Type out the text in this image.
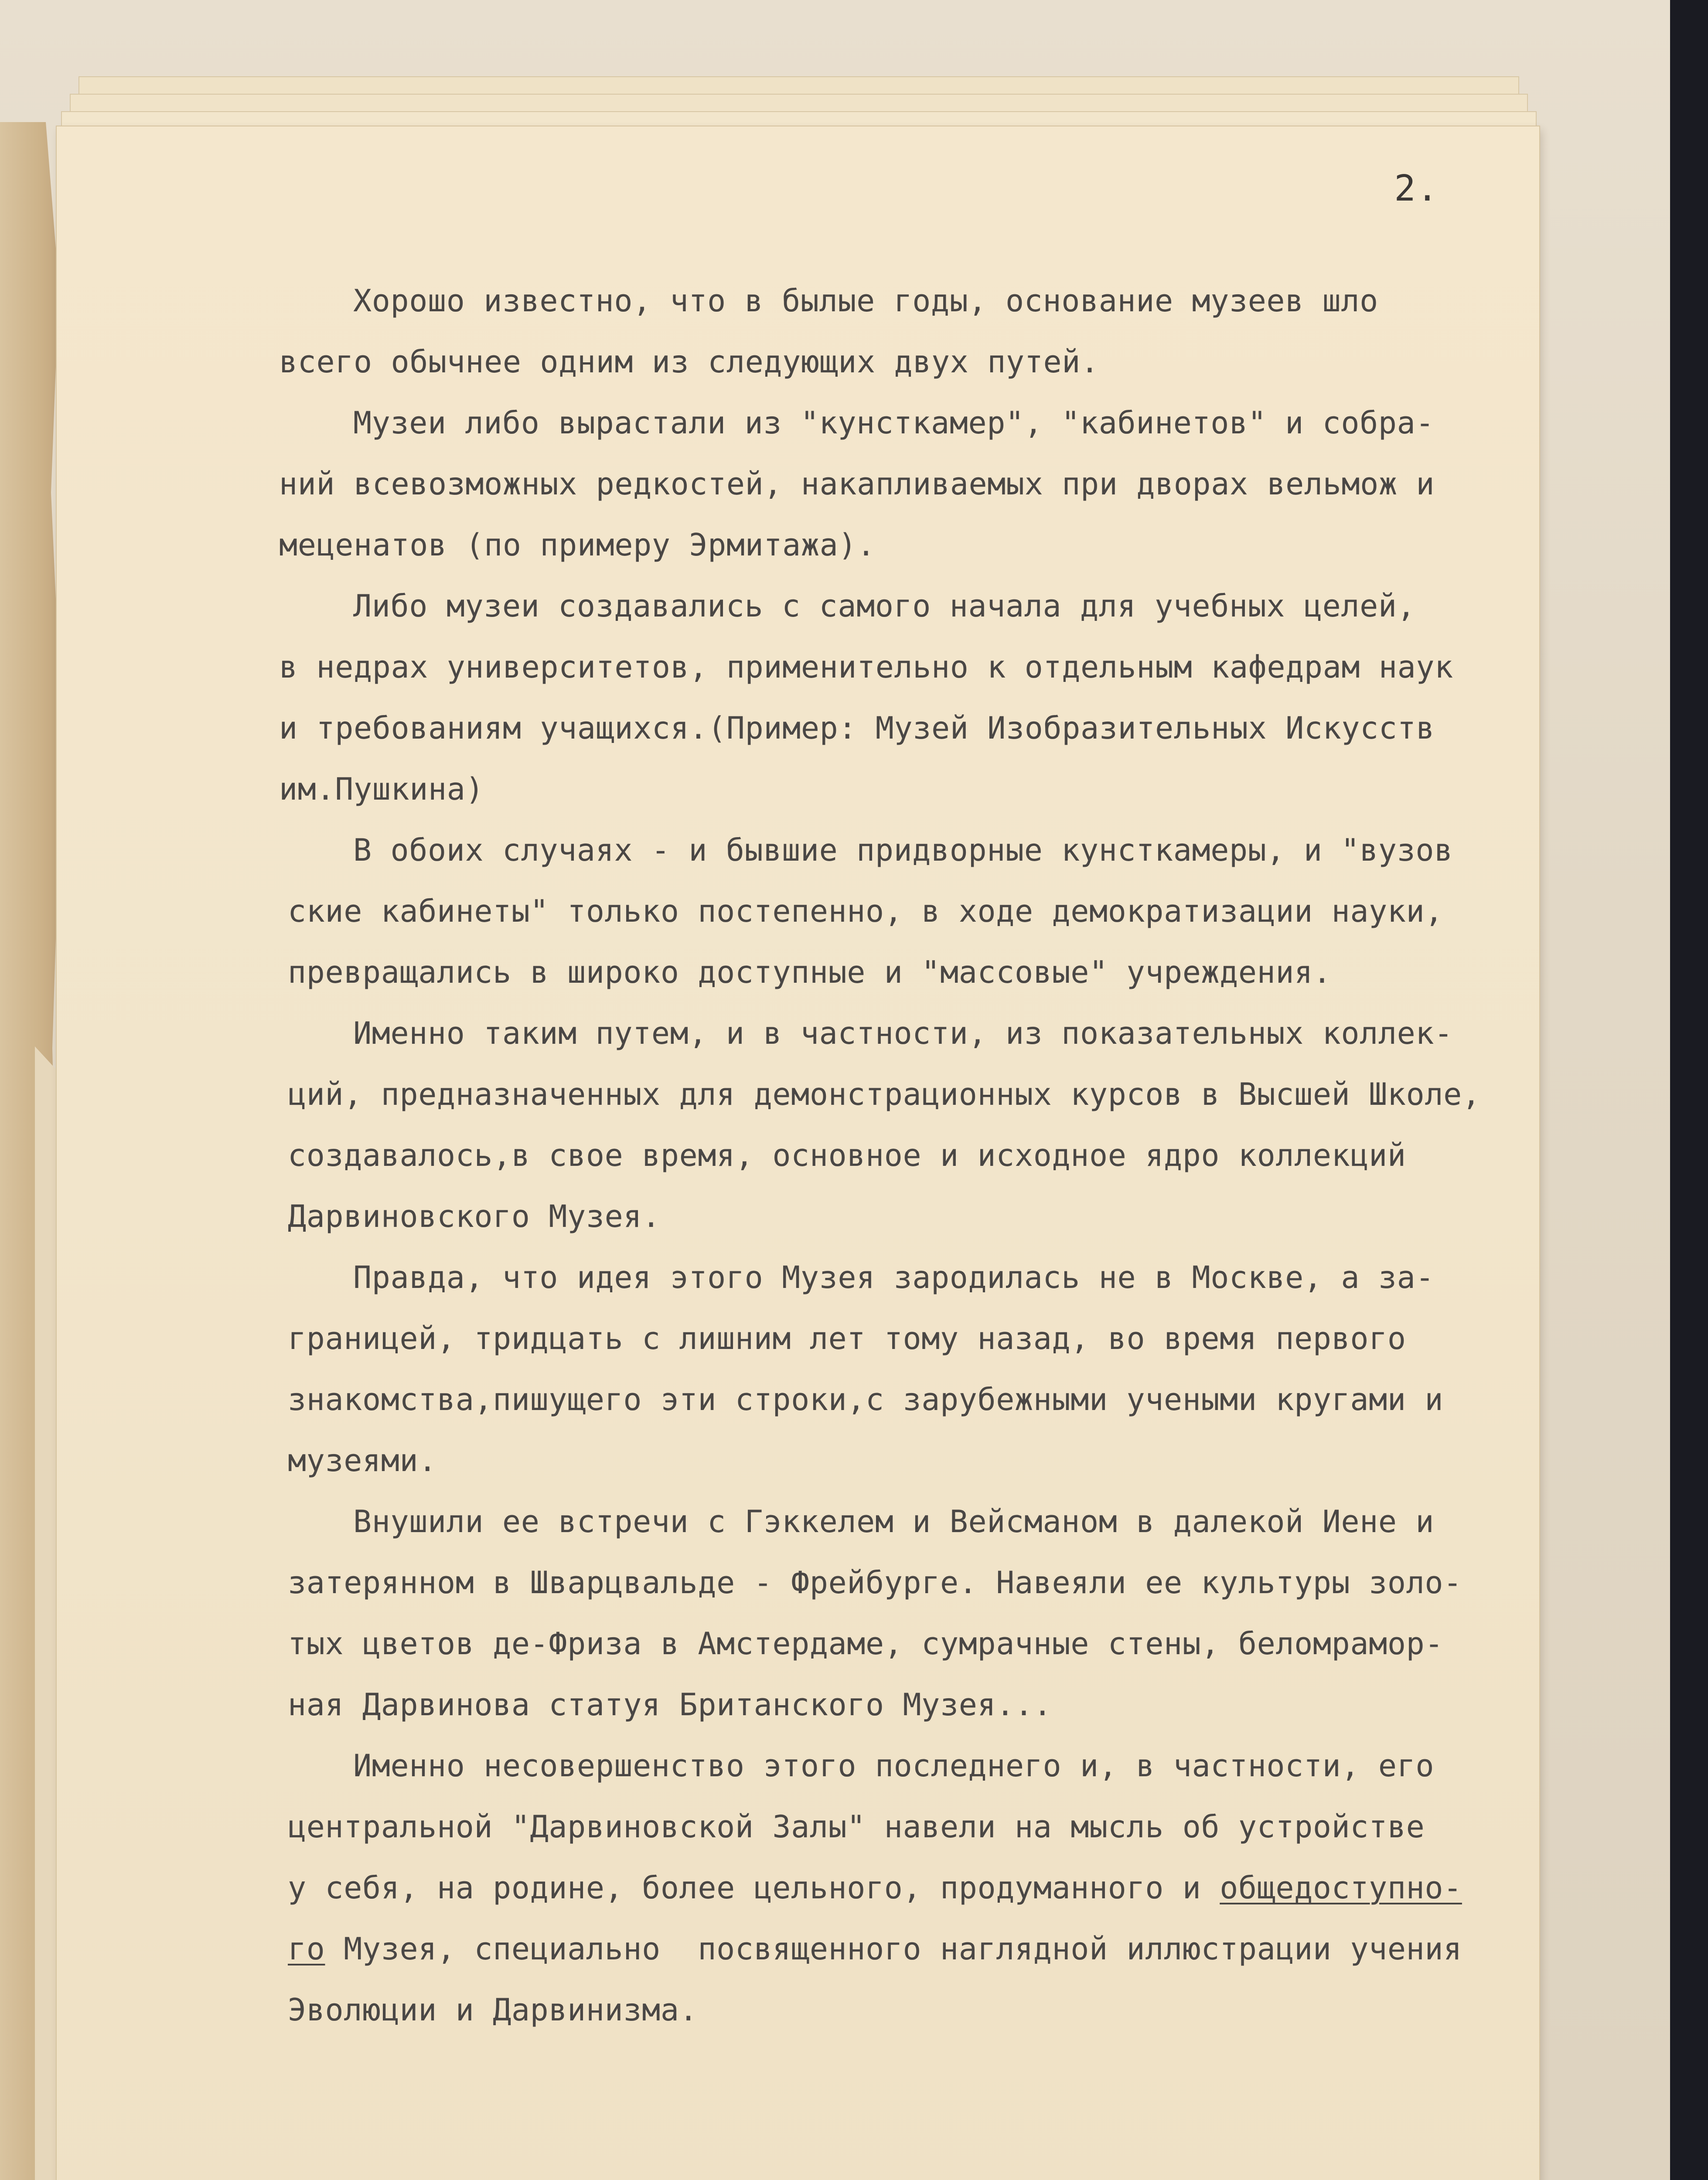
2.
Хорошо известно, что в былые годы, основание музеев шло
всего обычнее одним из следующих двух путей.
Музеи либо вырастали из "кунсткамер", "кабинетов" и собра-
ний всевозможных редкостей, накапливаемых при дворах вельмож и
меценатов (по примеру Эрмитажа).
Либо музеи создавались с самого начала для учебных целей,
в недрах университетов, применительно к отдельным кафедрам наук
и требованиям учащихся.(Пример: Музей Изобразительных Искусств
им.Пушкина)
В обоих случаях - и бывшие придворные кунсткамеры, и "вузов
ские кабинеты" только постепенно, в ходе демократизации науки,
превращались в широко доступные и "массовые" учреждения.
Именно таким путем, и в частности, из показательных коллек-
ций, предназначенных для демонстрационных курсов в Высшей Школе,
создавалось,в свое время, основное и исходное ядро коллекций
Дарвиновского Музея.
Правда, что идея этого Музея зародилась не в Москве, а за-
границей, тридцать с лишним лет тому назад, во время первого
знакомства,пишущего эти строки,с зарубежными учеными кругами и
музеями.
Внушили ее встречи с Гэккелем и Вейсманом в далекой Иене и
затерянном в Шварцвальде - Фрейбурге. Навеяли ее культуры золо-
тых цветов де-Фриза в Амстердаме, сумрачные стены, беломрамор-
ная Дарвинова статуя Британского Музея...
Именно несовершенство этого последнего и, в частности, его
центральной "Дарвиновской Залы" навели на мысль об устройстве
у себя, на родине, более цельного, продуманного и общедоступно-
го Музея, специально  посвященного наглядной иллюстрации учения
Эволюции и Дарвинизма.
